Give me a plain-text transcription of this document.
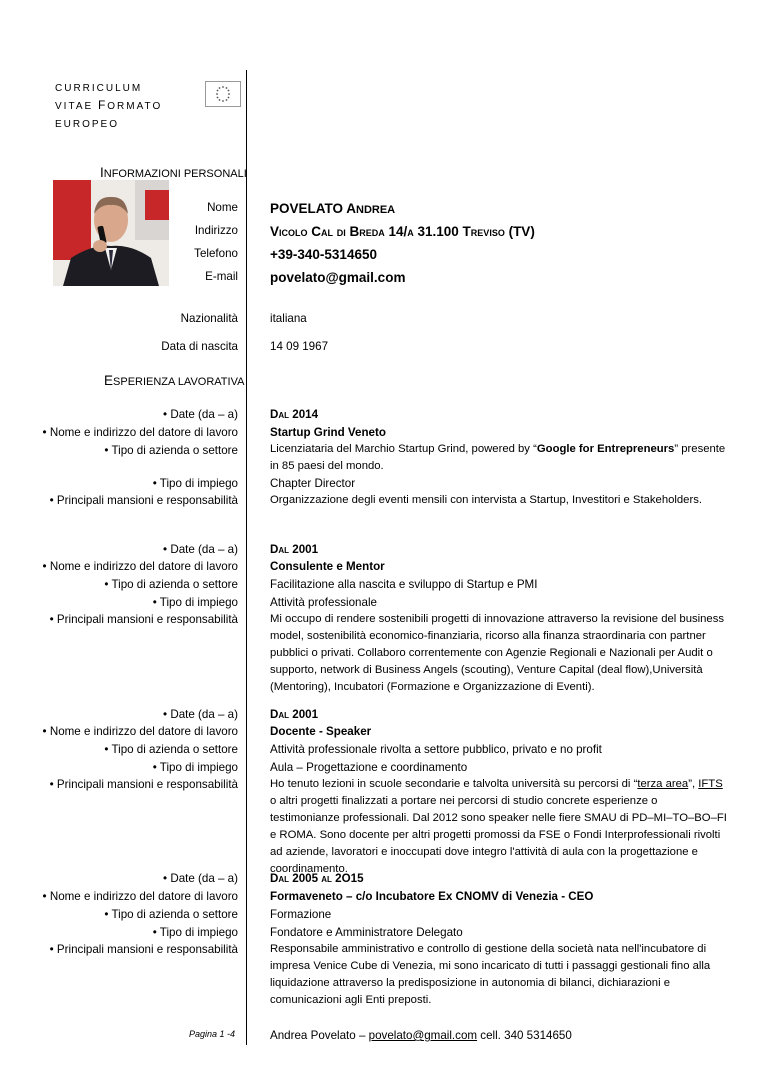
CURRICULUM
VITAE FORMATO
EUROPEO
INFORMAZIONI PERSONALI
Nome POVELATO ANDREA
Indirizzo Vicolo Cal di Breda 14/a 31.100 Treviso (TV)
Telefono +39-340-5314650
E-mail povelato@gmail.com
Nazionalità	italiana
Data di nascita	14 09 1967
ESPERIENZA LAVORATIVA
• Date (da – a)	Dal 2014
• Nome e indirizzo del datore di lavoro	Startup Grind Veneto
• Tipo di azienda o settore	Licenziataria del Marchio Startup Grind, powered by “Google for Entrepreneurs” presente in 85 paesi del mondo.
• Tipo di impiego	Chapter Director
• Principali mansioni e responsabilità	Organizzazione degli eventi mensili con intervista a Startup, Investitori e Stakeholders.
• Date (da – a)	Dal 2001
• Nome e indirizzo del datore di lavoro	Consulente e Mentor
• Tipo di azienda o settore	Facilitazione alla nascita e sviluppo di Startup e PMI
• Tipo di impiego	Attività professionale
• Principali mansioni e responsabilità	Mi occupo di rendere sostenibili progetti di innovazione attraverso la revisione del business model, sostenibilità economico-finanziaria, ricorso alla finanza straordinaria con partner pubblici o privati. Collaboro correntemente con Agenzie Regionali e Nazionali per Audit o supporto, network di Business Angels (scouting), Venture Capital (deal flow),Università (Mentoring), Incubatori (Formazione e Organizzazione di Eventi).
• Date (da – a)	Dal 2001
• Nome e indirizzo del datore di lavoro	Docente - Speaker
• Tipo di azienda o settore	Attività professionale rivolta a settore pubblico, privato e no profit
• Tipo di impiego	Aula – Progettazione e coordinamento
• Principali mansioni e responsabilità	Ho tenuto lezioni in scuole secondarie e talvolta università su percorsi di “terza area”, IFTS o altri progetti finalizzati a portare nei percorsi di studio concrete esperienze o testimonianze professionali. Dal 2012 sono speaker nelle fiere SMAU di PD–MI–TO–BO–FI e ROMA. Sono docente per altri progetti promossi da FSE o Fondi Interprofessionali rivolti ad aziende, lavoratori e inoccupati dove integro l'attività di aula con la progettazione e coordinamento.
• Date (da – a)	Dal 2005 al 2O15
• Nome e indirizzo del datore di lavoro	Formaveneto – c/o Incubatore Ex CNOMV di Venezia - CEO
• Tipo di azienda o settore	Formazione
• Tipo di impiego	Fondatore e Amministratore Delegato
• Principali mansioni e responsabilità	Responsabile amministrativo e controllo di gestione della società nata nell'incubatore di impresa Venice Cube di Venezia, mi sono incaricato di tutti i passaggi gestionali fino alla liquidazione attraverso la predisposizione in autonomia di bilanci, dichiarazioni e comunicazioni agli Enti preposti.
Pagina 1 -4	Andrea Povelato – povelato@gmail.com cell. 340 5314650
